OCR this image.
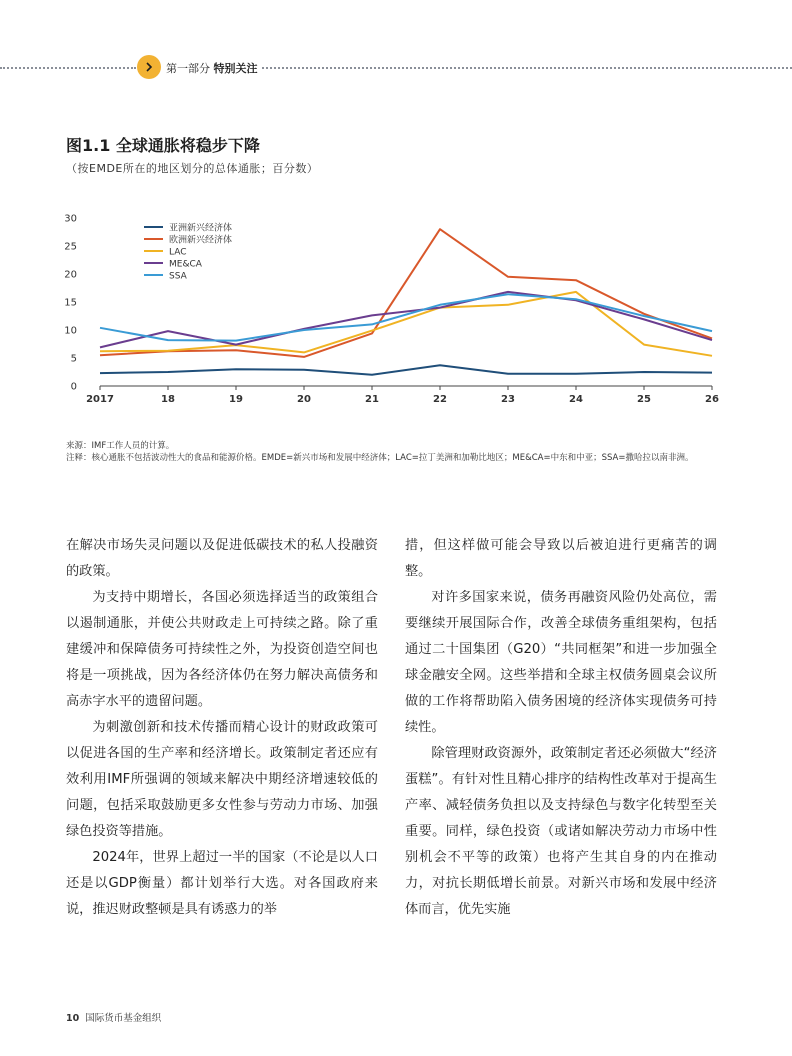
第一部分 特别关注
图1.1 全球通胀将稳步下降
（按EMDE所在的地区划分的总体通胀；百分数）
0
5
10
15
20
25
30
2017	18	19	20	21	22	23	24	25	26
亚洲新兴经济体
欧洲新兴经济体
LAC
ME&CA
SSA
来源：IMF工作人员的计算。
注释：核心通胀不包括波动性大的食品和能源价格。EMDE=新兴市场和发展中经济体；LAC=拉丁美洲和加勒比地区；ME&CA=中东和中亚；SSA=撒哈拉以南非洲。

在解决市场失灵问题以及促进低碳技术的私人投融资的政策。

为支持中期增长，各国必须选择适当的政策组合以遏制通胀，并使公共财政走上可持续之路。除了重建缓冲和保障债务可持续性之外，为投资创造空间也将是一项挑战，因为各经济体仍在努力解决高债务和高赤字水平的遗留问题。

为刺激创新和技术传播而精心设计的财政政策可以促进各国的生产率和经济增长。政策制定者还应有效利用IMF所强调的领域来解决中期经济增速较低的问题，包括采取鼓励更多女性参与劳动力市场、加强绿色投资等措施。

2024年，世界上超过一半的国家（不论是以人口还是以GDP衡量）都计划举行大选。对各国政府来说，推迟财政整顿是具有诱惑力的举

措，但这样做可能会导致以后被迫进行更痛苦的调整。

对许多国家来说，债务再融资风险仍处高位，需要继续开展国际合作，改善全球债务重组架构，包括通过二十国集团（G20）“共同框架”和进一步加强全球金融安全网。这些举措和全球主权债务圆桌会议所做的工作将帮助陷入债务困境的经济体实现债务可持续性。

除管理财政资源外，政策制定者还必须做大“经济蛋糕”。有针对性且精心排序的结构性改革对于提高生产率、减轻债务负担以及支持绿色与数字化转型至关重要。同样，绿色投资（或诸如解决劳动力市场中性别机会不平等的政策）也将产生其自身的内在推动力，对抗长期低增长前景。对新兴市场和发展中经济体而言，优先实施

10 国际货币基金组织
